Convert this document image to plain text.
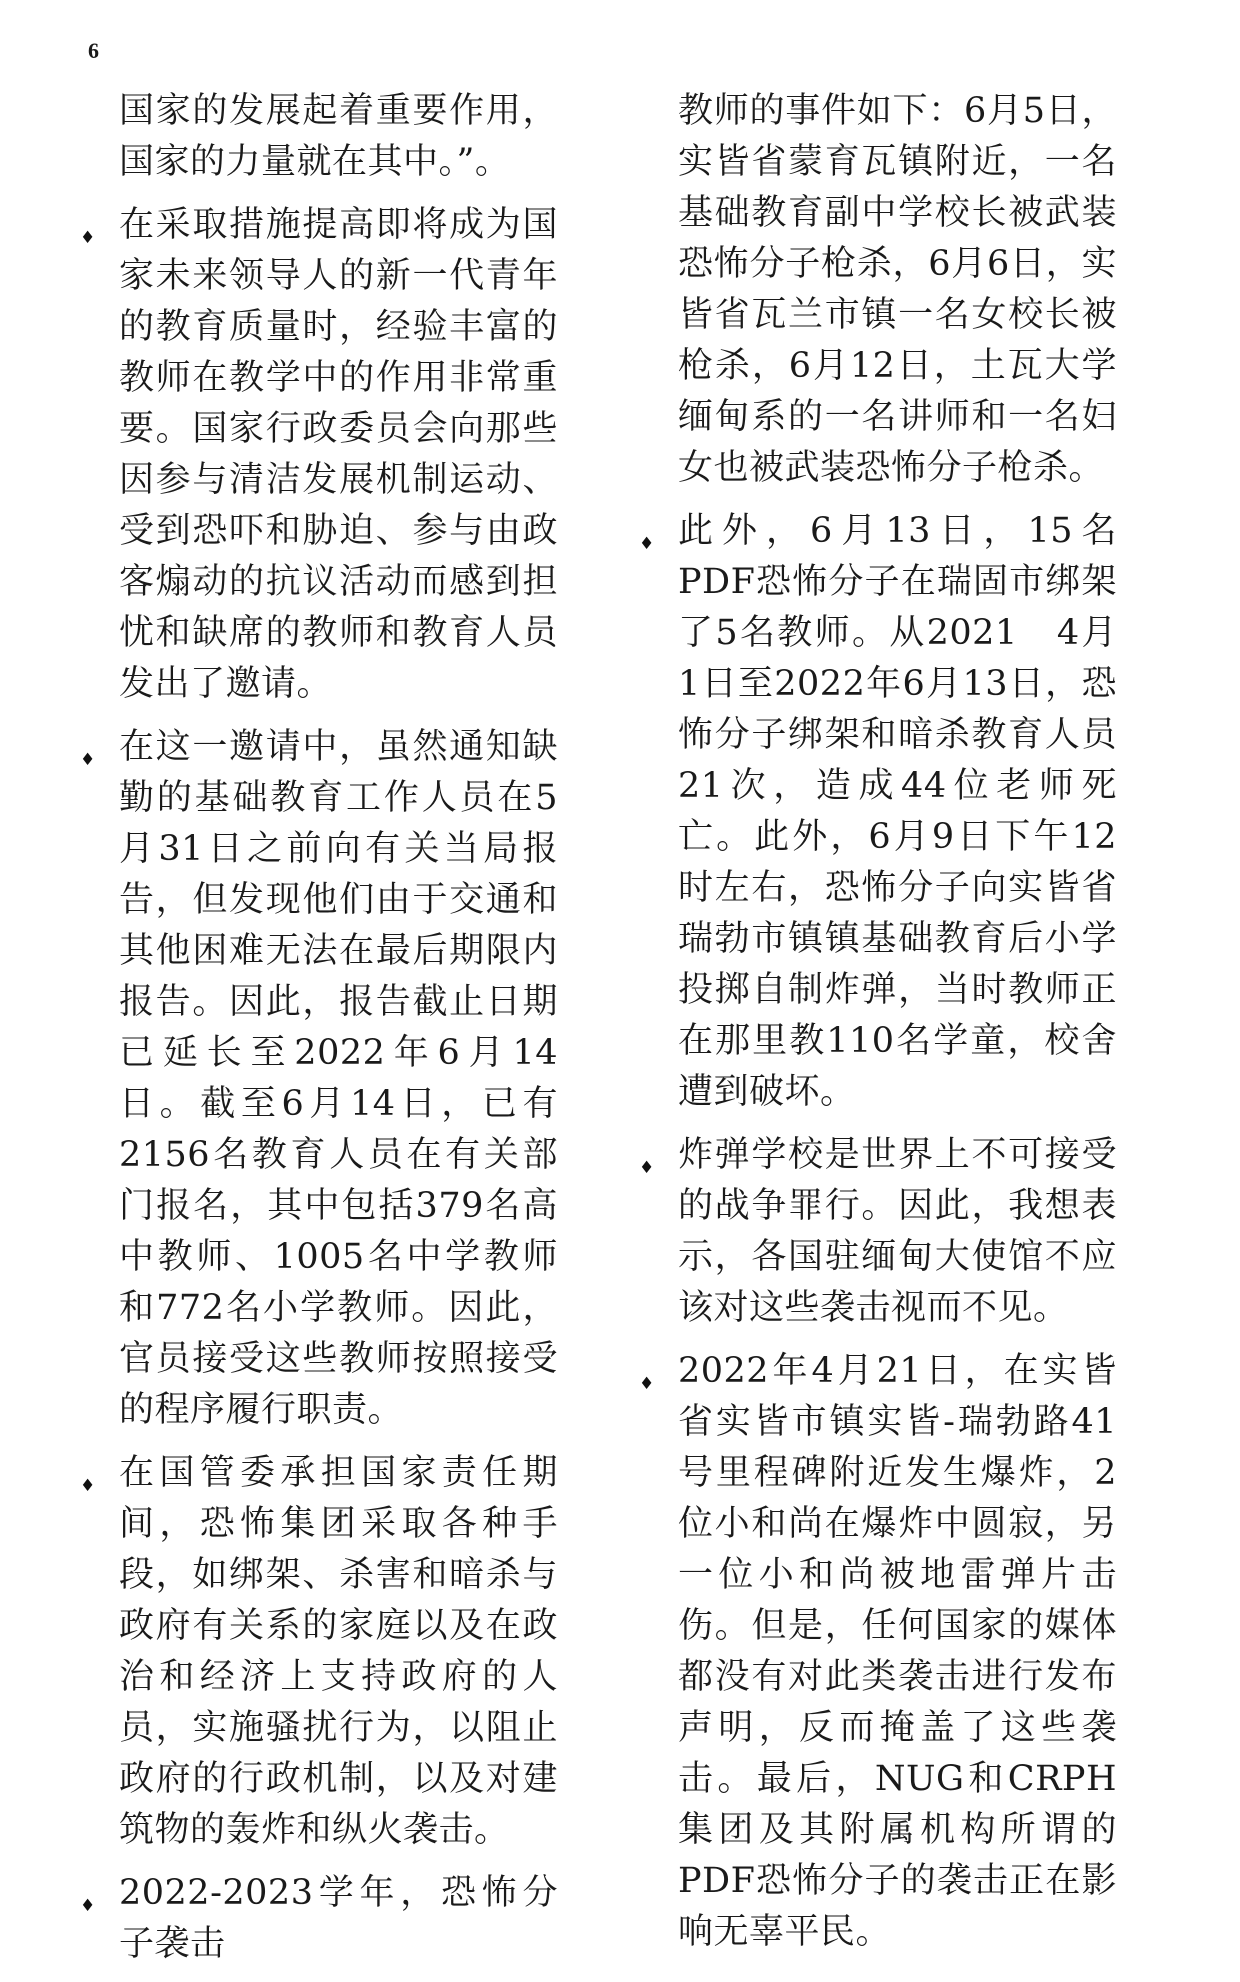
6

国家的发展起着重要作用，国家的力量就在其中。”。

♦ 在采取措施提高即将成为国家未来领导人的新一代青年的教育质量时，经验丰富的教师在教学中的作用非常重要。国家行政委员会向那些因参与清洁发展机制运动、受到恐吓和胁迫、参与由政客煽动的抗议活动而感到担忧和缺席的教师和教育人员发出了邀请。
♦ 在这一邀请中，虽然通知缺勤的基础教育工作人员在5月31日之前向有关当局报告，但发现他们由于交通和其他困难无法在最后期限内报告。因此，报告截止日期已延长至2022年6月14日。截至6月14日，已有2156名教育人员在有关部门报名，其中包括379名高中教师、1005名中学教师和772名小学教师。因此，官员接受这些教师按照接受的程序履行职责。
♦ 在国管委承担国家责任期间，恐怖集团采取各种手段，如绑架、杀害和暗杀与政府有关系的家庭以及在政治和经济上支持政府的人员，实施骚扰行为，以阻止政府的行政机制，以及对建筑物的轰炸和纵火袭击。
♦ 2022-2023学年，恐怖分子袭击

教师的事件如下：6月5日，实皆省蒙育瓦镇附近，一名基础教育副中学校长被武装恐怖分子枪杀，6月6日，实皆省瓦兰市镇一名女校长被枪杀，6月12日，土瓦大学缅甸系的一名讲师和一名妇女也被武装恐怖分子枪杀。

♦ 此外，6月13日，15名PDF恐怖分子在瑞固市绑架了5名教师。从2021　4月1日至2022年6月13日，恐怖分子绑架和暗杀教育人员21次，造成44位老师死亡。此外，6月9日下午12时左右，恐怖分子向实皆省瑞勃市镇镇基础教育后小学投掷自制炸弹，当时教师正在那里教110名学童，校舍遭到破坏。
♦ 炸弹学校是世界上不可接受的战争罪行。因此，我想表示，各国驻缅甸大使馆不应该对这些袭击视而不见。
♦ 2022年4月21日，在实皆省实皆市镇实皆-瑞勃路41号里程碑附近发生爆炸，2位小和尚在爆炸中圆寂，另一位小和尚被地雷弹片击伤。但是，任何国家的媒体都没有对此类袭击进行发布声明，反而掩盖了这些袭击。最后，NUG和CRPH集团及其附属机构所谓的PDF恐怖分子的袭击正在影响无辜平民。
